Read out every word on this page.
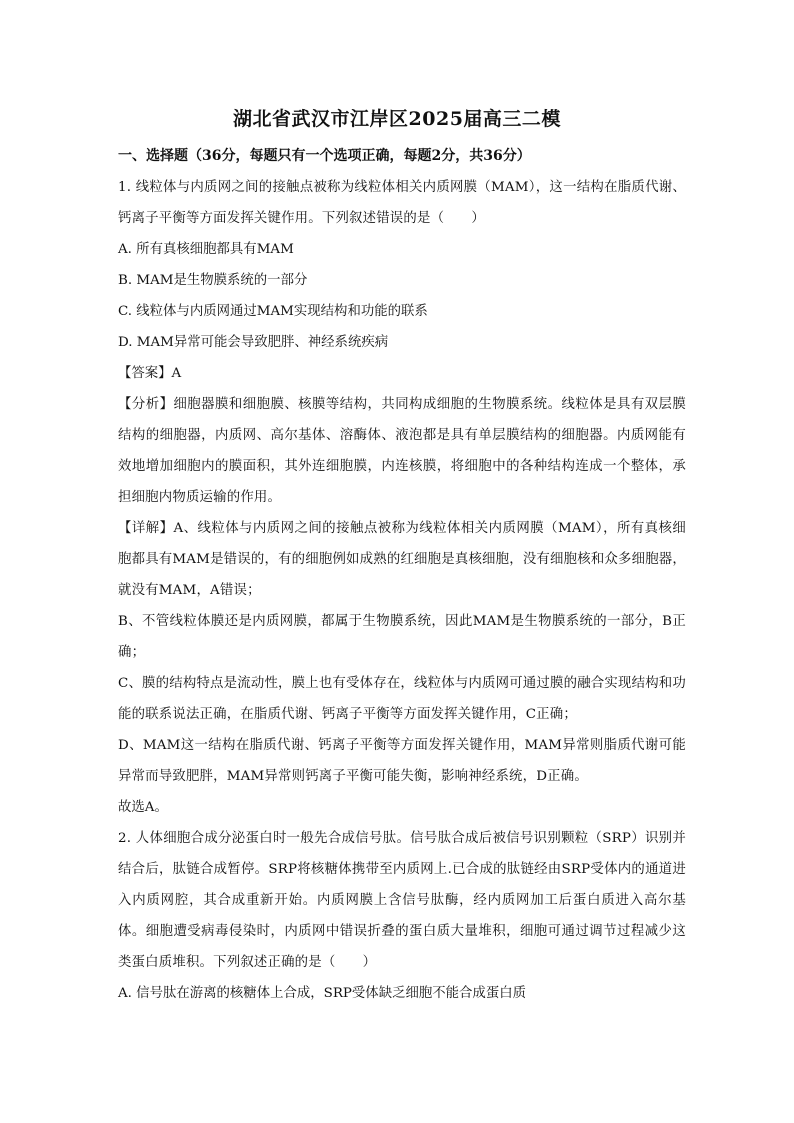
湖北省武汉市江岸区2025届高三二模
一、选择题（36分，每题只有一个选项正确，每题2分，共36分）

1. 线粒体与内质网之间的接触点被称为线粒体相关内质网膜（MAM），这一结构在脂质代谢、钙离子平衡等方面发挥关键作用。下列叙述错误的是（　　）

A. 所有真核细胞都具有MAM

B. MAM是生物膜系统的一部分

C. 线粒体与内质网通过MAM实现结构和功能的联系

D. MAM异常可能会导致肥胖、神经系统疾病

【答案】A

【分析】细胞器膜和细胞膜、核膜等结构，共同构成细胞的生物膜系统。线粒体是具有双层膜结构的细胞器，内质网、高尔基体、溶酶体、液泡都是具有单层膜结构的细胞器。内质网能有效地增加细胞内的膜面积，其外连细胞膜，内连核膜，将细胞中的各种结构连成一个整体，承担细胞内物质运输的作用。

【详解】A、线粒体与内质网之间的接触点被称为线粒体相关内质网膜（MAM），所有真核细胞都具有MAM是错误的，有的细胞例如成熟的红细胞是真核细胞，没有细胞核和众多细胞器，就没有MAM，A错误；

B、不管线粒体膜还是内质网膜，都属于生物膜系统，因此MAM是生物膜系统的一部分，B正确；

C、膜的结构特点是流动性，膜上也有受体存在，线粒体与内质网可通过膜的融合实现结构和功能的联系说法正确，在脂质代谢、钙离子平衡等方面发挥关键作用，C正确；

D、MAM这一结构在脂质代谢、钙离子平衡等方面发挥关键作用，MAM异常则脂质代谢可能异常而导致肥胖，MAM异常则钙离子平衡可能失衡，影响神经系统，D正确。

故选A。

2. 人体细胞合成分泌蛋白时一般先合成信号肽。信号肽合成后被信号识别颗粒（SRP）识别并结合后，肽链合成暂停。SRP将核糖体携带至内质网上.已合成的肽链经由SRP受体内的通道进入内质网腔，其合成重新开始。内质网膜上含信号肽酶，经内质网加工后蛋白质进入高尔基体。细胞遭受病毒侵染时，内质网中错误折叠的蛋白质大量堆积，细胞可通过调节过程减少这类蛋白质堆积。下列叙述正确的是（　　）

A. 信号肽在游离的核糖体上合成，SRP受体缺乏细胞不能合成蛋白质
